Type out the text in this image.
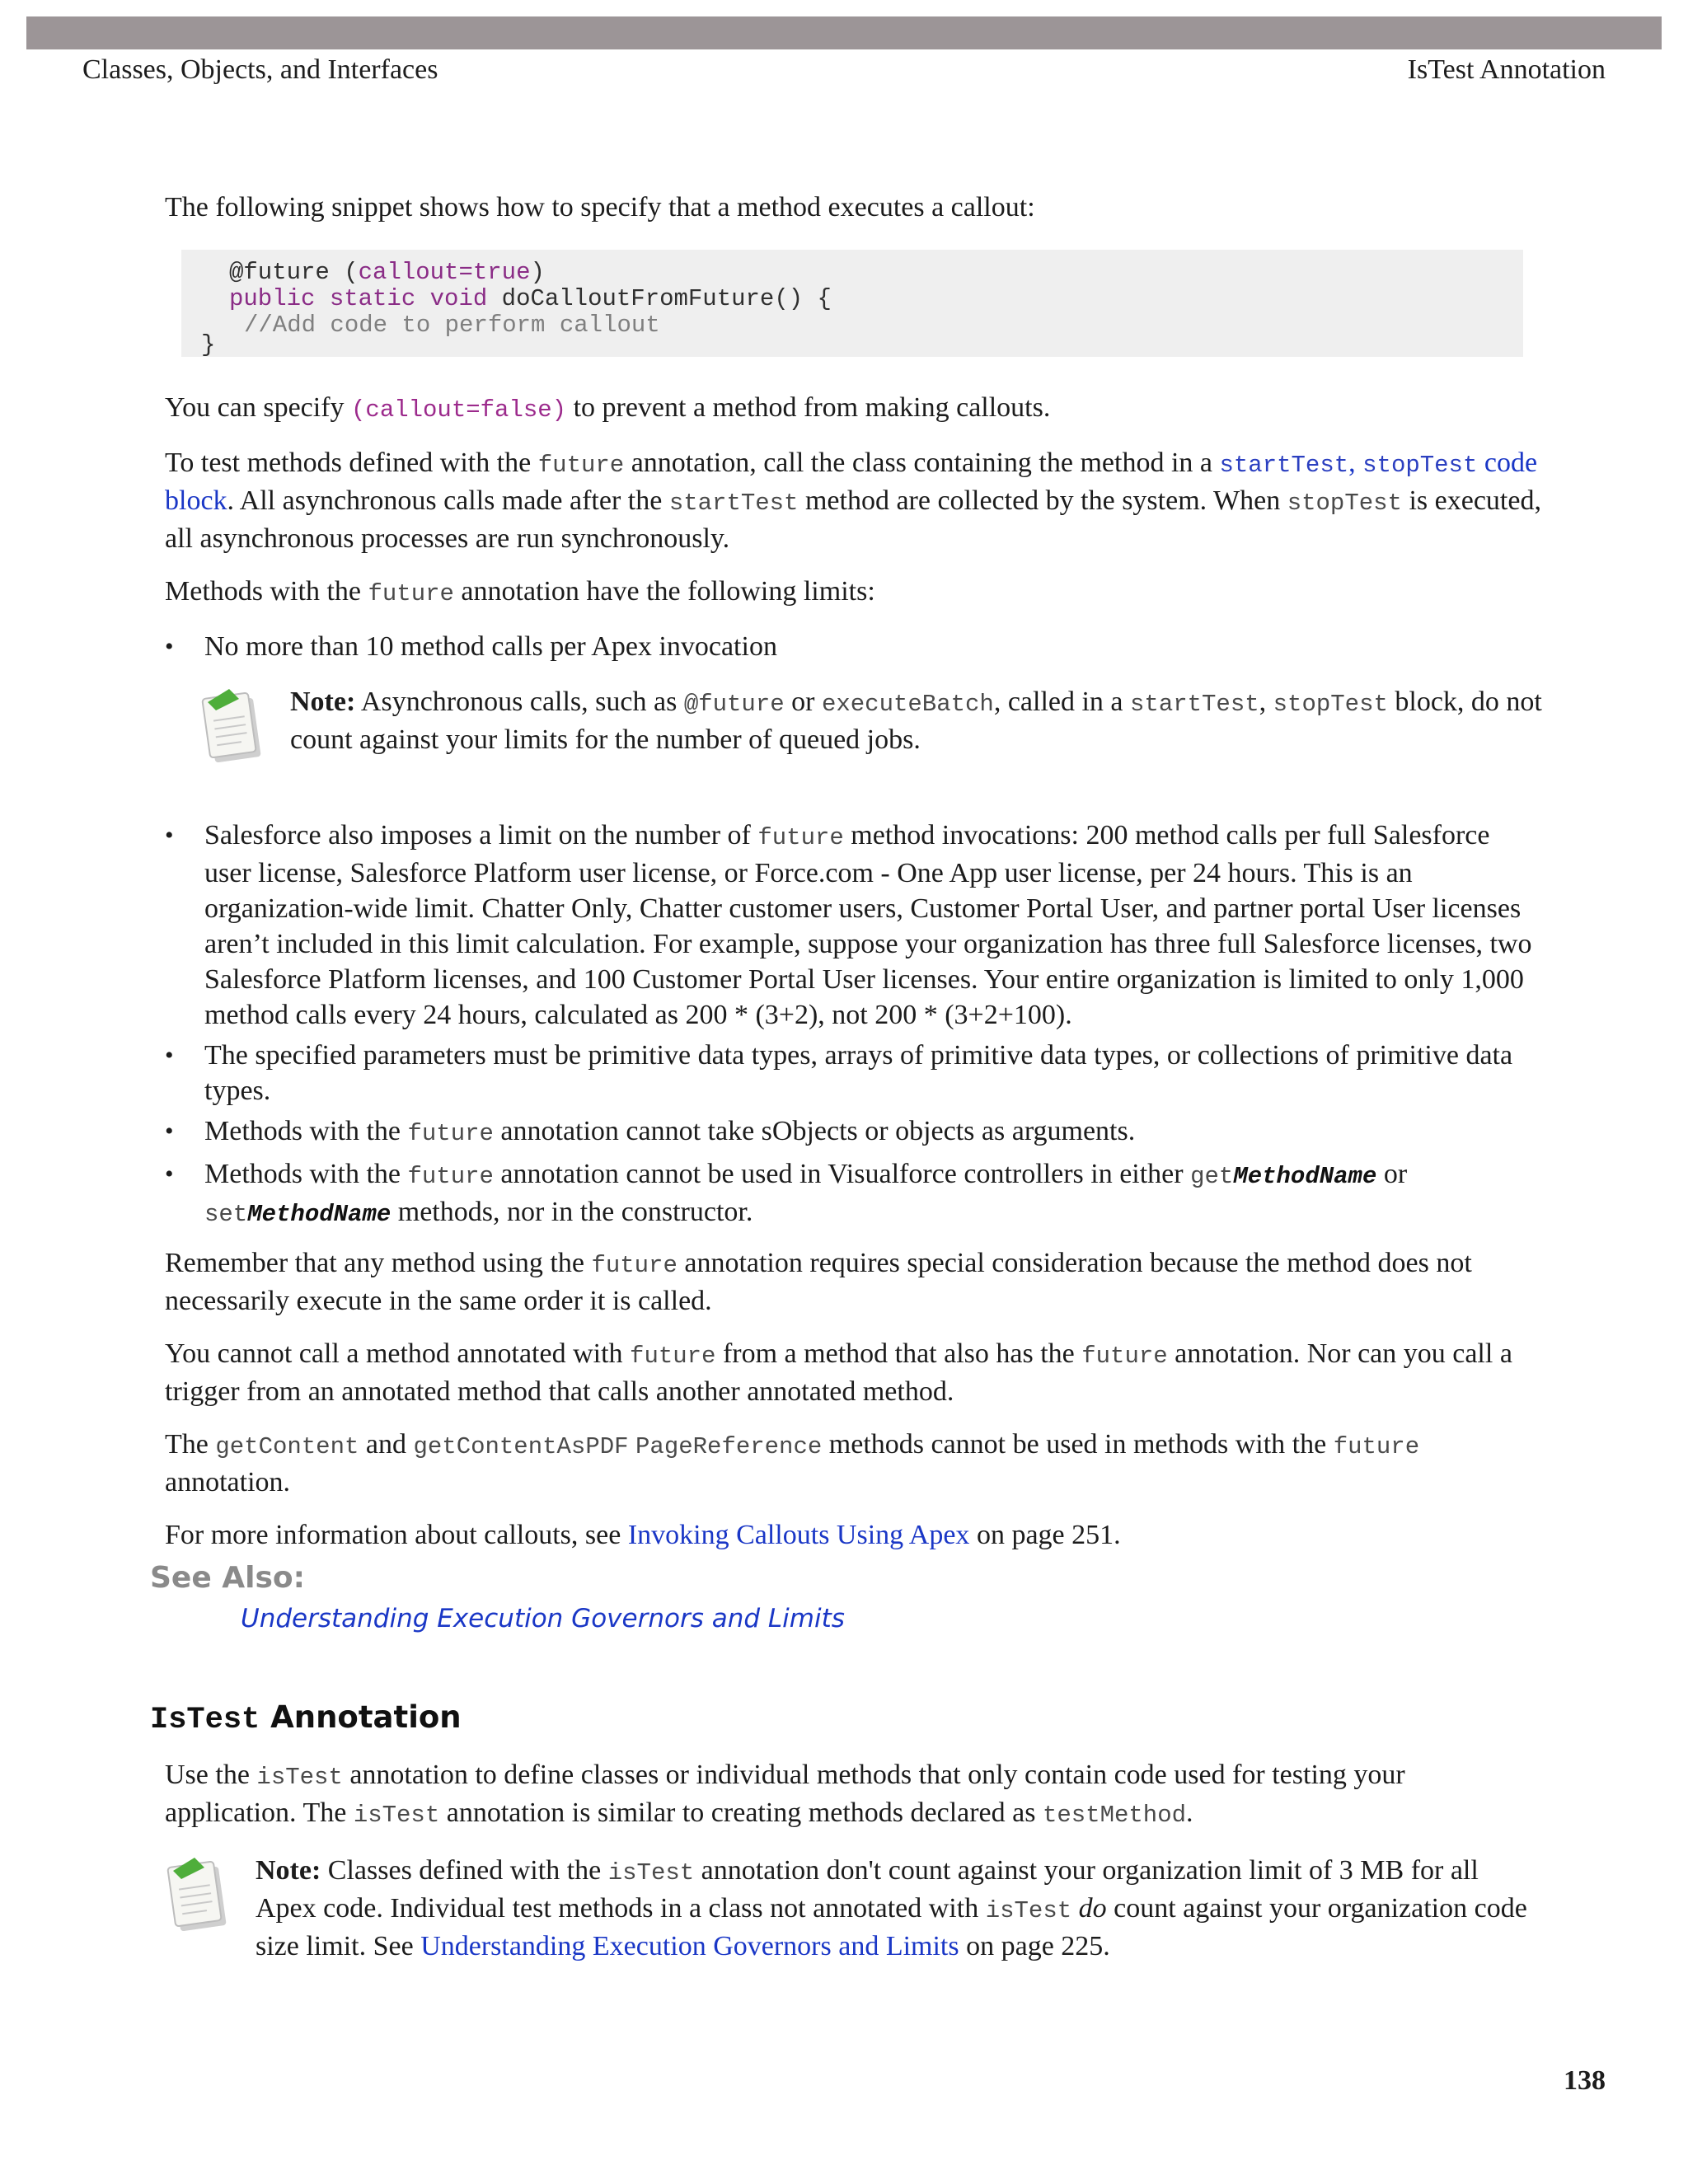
Classes, Objects, and Interfaces	IsTest Annotation

The following snippet shows how to specify that a method executes a callout:

@future (callout=true)
public static void doCalloutFromFuture() {
//Add code to perform callout
}

You can specify (callout=false) to prevent a method from making callouts.

To test methods defined with the future annotation, call the class containing the method in a startTest, stopTest code block. All asynchronous calls made after the startTest method are collected by the system. When stopTest is executed, all asynchronous processes are run synchronously.

Methods with the future annotation have the following limits:

• No more than 10 method calls per Apex invocation
Note: Asynchronous calls, such as @future or executeBatch, called in a startTest, stopTest block, do not count against your limits for the number of queued jobs.
• Salesforce also imposes a limit on the number of future method invocations: 200 method calls per full Salesforce user license, Salesforce Platform user license, or Force.com - One App user license, per 24 hours. This is an organization-wide limit. Chatter Only, Chatter customer users, Customer Portal User, and partner portal User licenses aren’t included in this limit calculation. For example, suppose your organization has three full Salesforce licenses, two Salesforce Platform licenses, and 100 Customer Portal User licenses. Your entire organization is limited to only 1,000 method calls every 24 hours, calculated as 200 * (3+2), not 200 * (3+2+100).
• The specified parameters must be primitive data types, arrays of primitive data types, or collections of primitive data types.
• Methods with the future annotation cannot take sObjects or objects as arguments.
• Methods with the future annotation cannot be used in Visualforce controllers in either getMethodName or setMethodName methods, nor in the constructor.

Remember that any method using the future annotation requires special consideration because the method does not necessarily execute in the same order it is called.

You cannot call a method annotated with future from a method that also has the future annotation. Nor can you call a trigger from an annotated method that calls another annotated method.

The getContent and getContentAsPDF PageReference methods cannot be used in methods with the future annotation.

For more information about callouts, see Invoking Callouts Using Apex on page 251.

See Also:
Understanding Execution Governors and Limits
IsTest Annotation

Use the isTest annotation to define classes or individual methods that only contain code used for testing your application. The isTest annotation is similar to creating methods declared as testMethod.

Note: Classes defined with the isTest annotation don't count against your organization limit of 3 MB for all Apex code. Individual test methods in a class not annotated with isTest do count against your organization code size limit. See Understanding Execution Governors and Limits on page 225.
138
